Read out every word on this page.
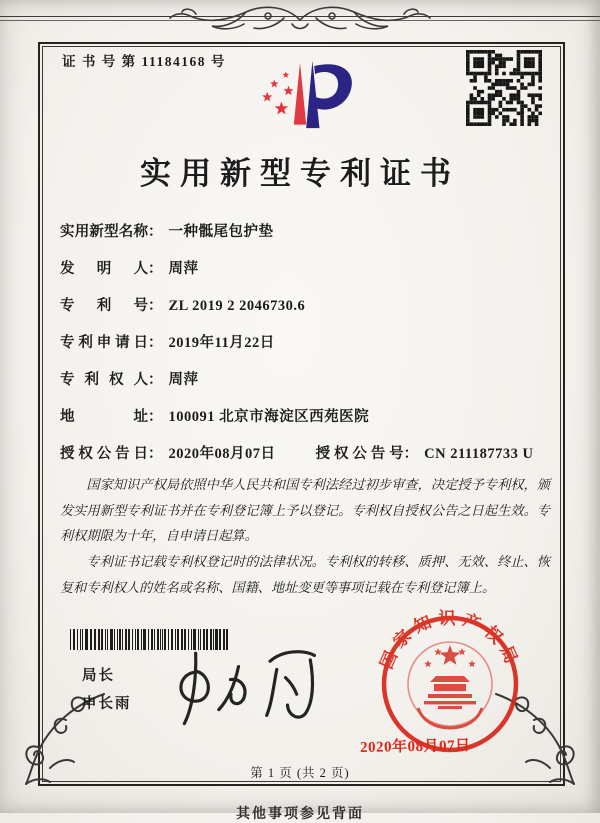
证 书 号 第 11184168 号
实用新型专利证书
实用新型名称： 一种骶尾包护垫
发明人： 周萍
专利号： ZL 2019 2 2046730.6
专利申请日： 2019年11月22日
专利权人： 周萍
地址： 100091 北京市海淀区西苑医院
授权公告日： 2020年08月07日	授权公告号： CN 211187733 U

国家知识产权局依照中华人民共和国专利法经过初步审查，决定授予专利权，颁发实用新型专利证书并在专利登记簿上予以登记。专利权自授权公告之日起生效。专利权期限为十年，自申请日起算。

专利证书记载专利权登记时的法律状况。专利权的转移、质押、无效、终止、恢复和专利权人的姓名或名称、国籍、地址变更等事项记载在专利登记簿上。

局长
申长雨
国家知识产权局
2020年08月07日
第 1 页 (共 2 页)
其他事项参见背面
